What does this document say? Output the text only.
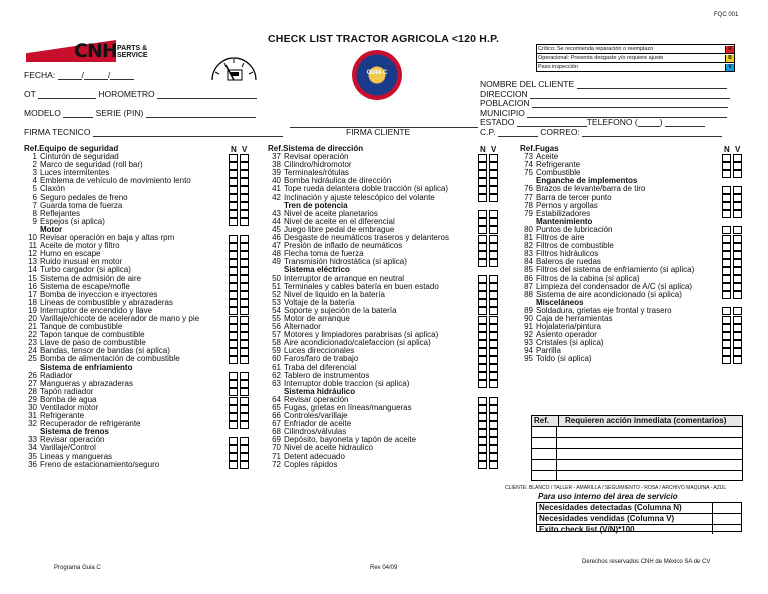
FQC 001
CHECK LIST TRACTOR AGRICOLA <120 H.P.
CNH PARTS &
SERVICE
GUIA C
Crítico: Se recomienda reparación o reemplazo	R
Operacional: Presenta desgaste y/o requiere ajuste	B
Paso inspección	V
FECHA:	/	/
OT	HOROMETRO
MODELO	SERIE (PIN)
FIRMA TECNICO	FIRMA CLIENTE
NOMBRE DEL CLIENTE
DIRECCION
POBLACION
MUNICIPIO
ESTADO	TELEFONO (	)
C.P.	CORREO:
Ref.Equipo de seguridad
1 Cinturón de seguridad
2 Marco de seguridad (roll bar)
3 Luces intermitentes
4 Emblema de vehículo de movimiento lento
5 Claxón
6 Seguro pedales de freno
7 Guarda toma de fuerza
8 Reflejantes
9 Espejos (si aplica)
Motor
10 Revisar operación en baja y altas rpm
11 Aceite de motor y filtro
12 Humo en escape
13 Ruido inusual en motor
14 Turbo cargador (si aplica)
15 Sistema de admisión de aire
16 Sistema de escape/mofle
17 Bomba de inyeccion e inyectores
18 Líneas de combustible y abrazaderas
19 Interruptor de encendido y llave
20 Varillaje/chicote de acelerador de mano y pie
21 Tanque de combustible
22 Tapon tanque de combustible
23 Llave de paso de combustible
24 Bandas, tensor de bandas (si aplica)
25 Bomba de alimentación de combustible
Sistema de enfriamiento
26 Radiador
27 Mangueras y abrazaderas
28 Tapón radiador
29 Bomba de agua
30 Ventilador motor
31 Refrigerante
32 Recuperador de refrigerante
Sistema de frenos
33 Revisar operación
34 Varillaje/Control
35 Lineas y mangueras
36 Freno de estacionamiento/seguro
N V	Ref.Sistema de dirección
37 Revisar operación
38 Cilindro/hidromotor
39 Terminales/rótulas
40 Bomba hidráulica de dirección
41 Tope rueda delantera doble tracción (si aplica)
42 Inclinación y ajuste telescópico del volante
Tren de potencia
43 Nivel de aceite planetarios
44 Nivel de aceite en el diferencial
45 Juego libre pedal de embrague
46 Desgaste de neumáticos traseros y delanteros
47 Presión de inflado de neumáticos
48 Flecha toma de fuerza
49 Transmisión hidrostática (si aplica)
Sistema eléctrico
50 Interruptor de arranque en neutral
51 Terminales y cables batería en buen estado
52 Nivel de liquido en la batería
53 Voltaje de la batería
54 Soporte y sujeción de la batería
55 Motor de arranque
56 Alternador
57 Motores y limpiadores parabrisas (si aplica)
58 Aire acondicionado/calefaccion (si aplica)
59 Luces direccionales
60 Faros/faro de trabajo
61 Traba del diferencial
62 Tablero de instrumentos
63 Interruptor doble traccion (si aplica)
Sistema hidráulico
64 Revisar operación
65 Fugas, grietas en líneas/mangueras
66 Controles/varillaje
67 Enfriador de aceite
68 Cilindros/válvulas
69 Depósito, bayoneta y tapón de aceite
70 Nivel de aceite hidraulico
71 Detent adecuado
72 Coples rápidos
N V	Ref.Fugas
73 Aceite
74 Refrigerante
75 Combustible
Enganche de implementos
76 Brazos de levante/barra de tiro
77 Barra de tercer punto
78 Pernos y argollas
79 Estabilizadores
Mantenimiento
80 Puntos de lubricación
81 Filtros de aire
82 Filtros de combustible
83 Filtros hidráulicos
84 Baleros de ruedas
85 Filtros del sistema de enfriamiento (si aplica)
86 Filtros de la cabina (si aplica)
87 Limpieza del condensador de A/C (si aplica)
88 Sistema de aire acondicionado (si aplica)
Misceláneos
89 Soldadura, grietas eje frontal y trasero
90 Caja de herramientas
91 Hojalateria/pintura
92 Asiento operador
93 Cristales (si aplica)
94 Parrilla
95 Toldo (si aplica)
N V
Ref.	Requieren acción inmediata (comentarios)
CLIENTE: BLANCO / TALLER - AMARILLA / SEGUIMIENTO - ROSA / ARCHIVO MAQUINA - AZUL
Para uso interno del área de servicio
Necesidades detectadas (Columna N)
Necesidades vendidas (Columna V)
Exito check list (V/N)*100
Programa Guia C	Rev 04/09
Derechos reservados CNH de México SA de CV
